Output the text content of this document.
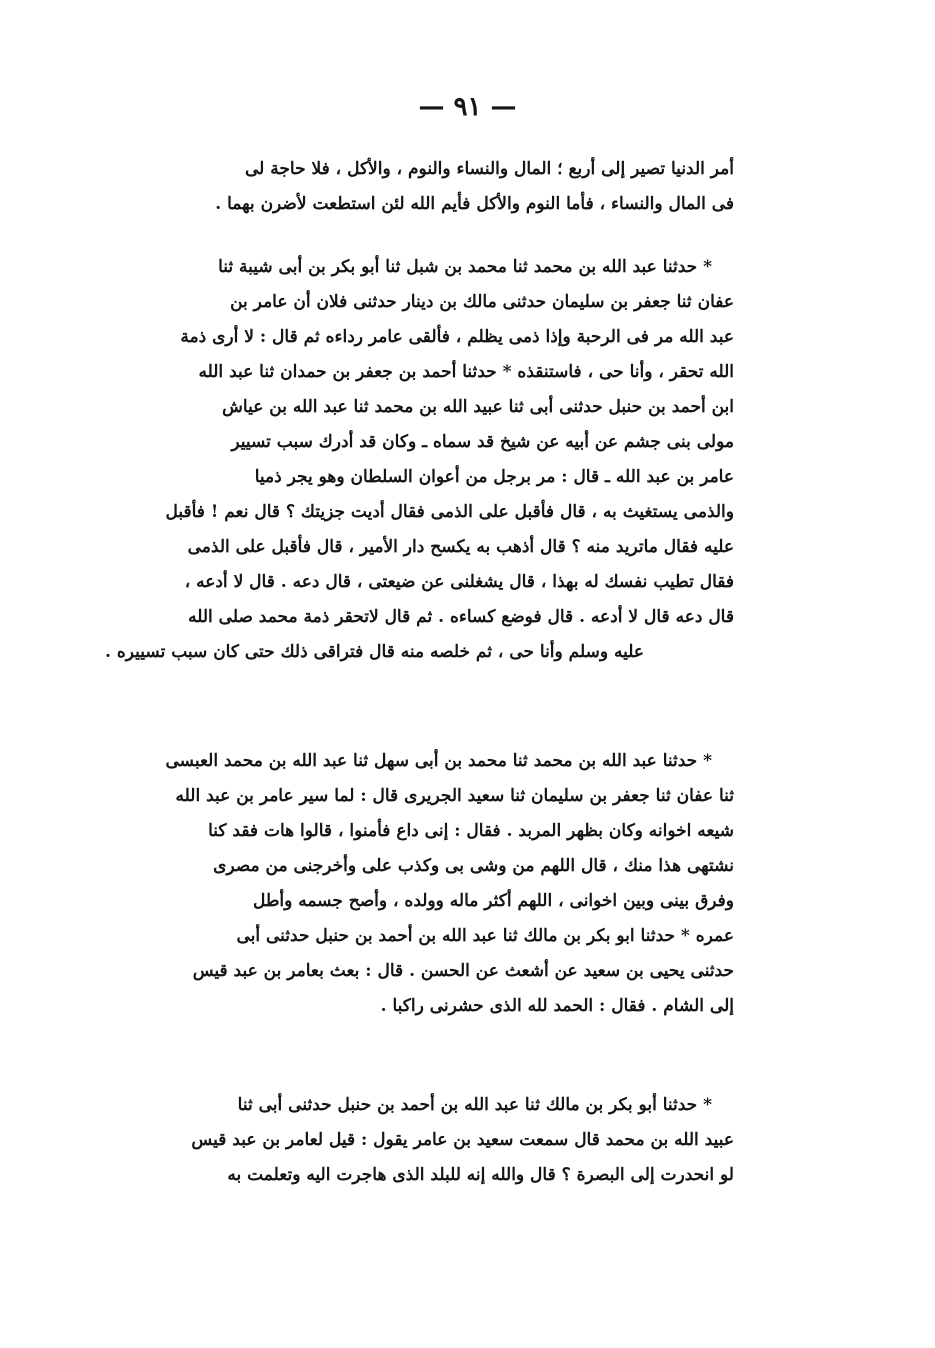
— ٩١ —
أمر الدنيا تصير إلى أربع ؛ المال والنساء والنوم ، والأكل ، فلا حاجة لى
فى المال والنساء ، فأما النوم والأكل فأيم الله لئن استطعت لأضرن بهما .
* حدثنا عبد الله بن محمد ثنا محمد بن شبل ثنا أبو بكر بن أبى شيبة ثنا
عفان ثنا جعفر بن سليمان حدثنى مالك بن دينار حدثنى فلان أن عامر بن
عبد الله مر فى الرحبة وإذا ذمى يظلم ، فألقى عامر رداءه ثم قال : لا أرى ذمة
الله تحقر ، وأنا حى ، فاستنقذه * حدثنا أحمد بن جعفر بن حمدان ثنا عبد الله
ابن أحمد بن حنبل حدثنى أبى ثنا عبيد الله بن محمد ثنا عبد الله بن عياش
مولى بنى جشم عن أبيه عن شيخ قد سماه ـ وكان قد أدرك سبب تسيير
عامر بن عبد الله ـ قال : مر برجل من أعوان السلطان وهو يجر ذميا
والذمى يستغيث به ، قال فأقبل على الذمى فقال أديت جزيتك ؟ قال نعم ! فأقبل
عليه فقال ماتريد منه ؟ قال أذهب به يكسح دار الأمير ، قال فأقبل على الذمى
فقال تطيب نفسك له بهذا ، قال يشغلنى عن ضيعتى ، قال دعه . قال لا أدعه ،
قال دعه قال لا أدعه . قال فوضع كساءه . ثم قال لاتحقر ذمة محمد صلى الله
عليه وسلم وأنا حى ، ثم خلصه منه قال فتراقى ذلك حتى كان سبب تسييره .
* حدثنا عبد الله بن محمد ثنا محمد بن أبى سهل ثنا عبد الله بن محمد العبسى
ثنا عفان ثنا جعفر بن سليمان ثنا سعيد الجريرى قال : لما سير عامر بن عبد الله
شيعه اخوانه وكان بظهر المربد . فقال : إنى داع فأمنوا ، قالوا هات فقد كنا
نشتهى هذا منك ، قال اللهم من وشى بى وكذب على وأخرجنى من مصرى
وفرق بينى وبين اخوانى ، اللهم أكثر ماله وولده ، وأصح جسمه وأطل
عمره * حدثنا ابو بكر بن مالك ثنا عبد الله بن أحمد بن حنبل حدثنى أبى
حدثنى يحيى بن سعيد عن أشعث عن الحسن . قال : بعث بعامر بن عبد قيس
إلى الشام . فقال : الحمد لله الذى حشرنى راكبا .
* حدثنا أبو بكر بن مالك ثنا عبد الله بن أحمد بن حنبل حدثنى أبى ثنا
عبيد الله بن محمد قال سمعت سعيد بن عامر يقول : قيل لعامر بن عبد قيس
لو انحدرت إلى البصرة ؟ قال والله إنه للبلد الذى هاجرت اليه وتعلمت به
